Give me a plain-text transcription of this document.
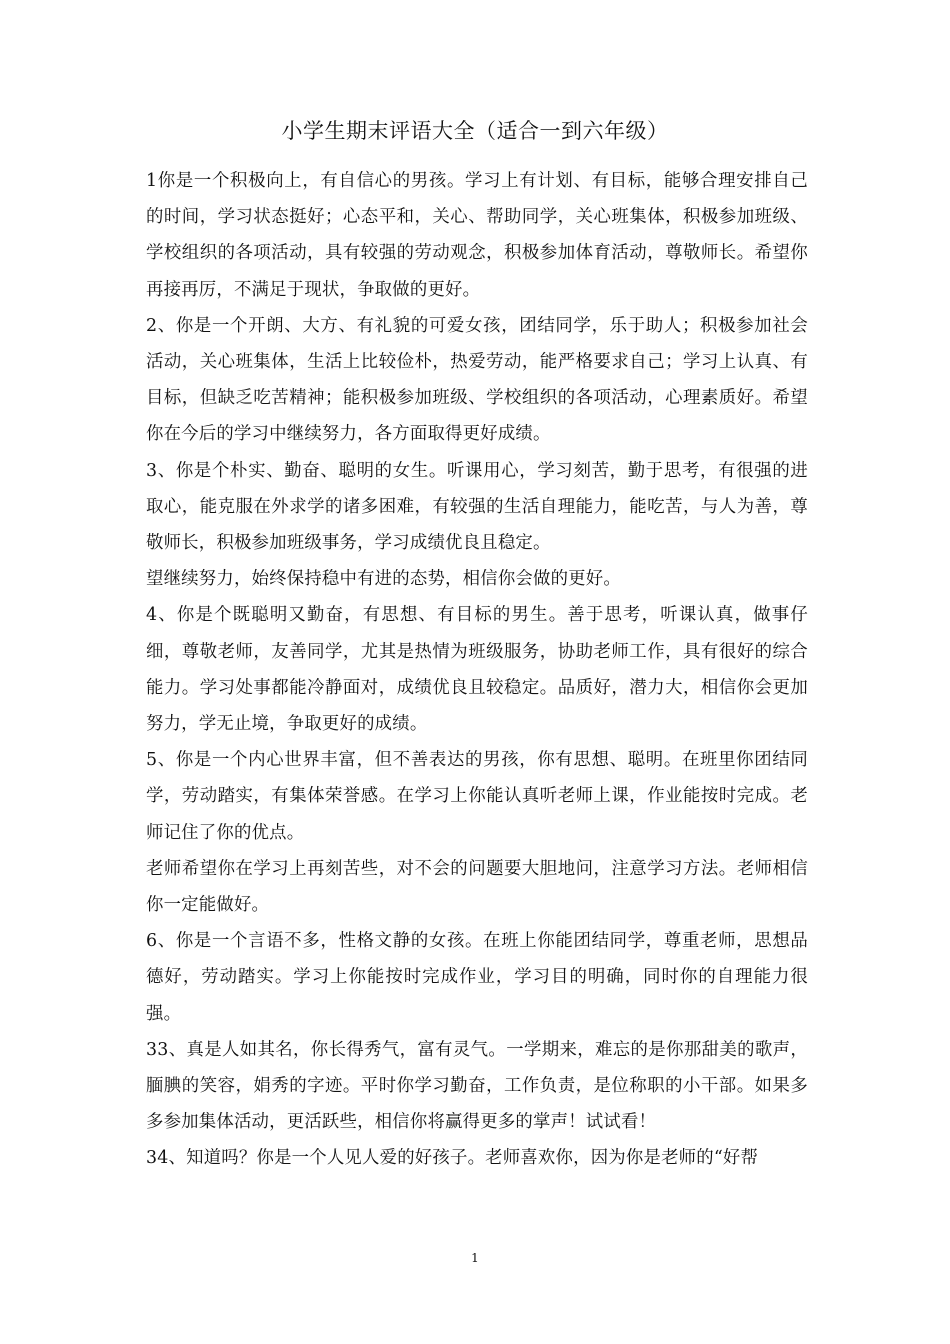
小学生期末评语大全（适合一到六年级）

1你是一个积极向上，有自信心的男孩。学习上有计划、有目标，能够合理安排自己的时间，学习状态挺好；心态平和，关心、帮助同学，关心班集体，积极参加班级、学校组织的各项活动，具有较强的劳动观念，积极参加体育活动，尊敬师长。希望你再接再厉，不满足于现状，争取做的更好。

2、你是一个开朗、大方、有礼貌的可爱女孩，团结同学，乐于助人；积极参加社会活动，关心班集体，生活上比较俭朴，热爱劳动，能严格要求自己；学习上认真、有目标，但缺乏吃苦精神；能积极参加班级、学校组织的各项活动，心理素质好。希望你在今后的学习中继续努力，各方面取得更好成绩。

3、你是个朴实、勤奋、聪明的女生。听课用心，学习刻苦，勤于思考，有很强的进取心，能克服在外求学的诸多困难，有较强的生活自理能力，能吃苦，与人为善，尊敬师长，积极参加班级事务，学习成绩优良且稳定。

望继续努力，始终保持稳中有进的态势，相信你会做的更好。

4、你是个既聪明又勤奋，有思想、有目标的男生。善于思考，听课认真，做事仔细，尊敬老师，友善同学，尤其是热情为班级服务，协助老师工作，具有很好的综合能力。学习处事都能冷静面对，成绩优良且较稳定。品质好，潜力大，相信你会更加努力，学无止境，争取更好的成绩。

5、你是一个内心世界丰富，但不善表达的男孩，你有思想、聪明。在班里你团结同学，劳动踏实，有集体荣誉感。在学习上你能认真听老师上课，作业能按时完成。老师记住了你的优点。

老师希望你在学习上再刻苦些，对不会的问题要大胆地问，注意学习方法。老师相信你一定能做好。

6、你是一个言语不多，性格文静的女孩。在班上你能团结同学，尊重老师，思想品德好，劳动踏实。学习上你能按时完成作业，学习目的明确，同时你的自理能力很强。

33、真是人如其名，你长得秀气，富有灵气。一学期来，难忘的是你那甜美的歌声，腼腆的笑容，娟秀的字迹。平时你学习勤奋，工作负责，是位称职的小干部。如果多多参加集体活动，更活跃些，相信你将赢得更多的掌声！试试看！

34、知道吗？你是一个人见人爱的好孩子。老师喜欢你，因为你是老师的“好帮

1
